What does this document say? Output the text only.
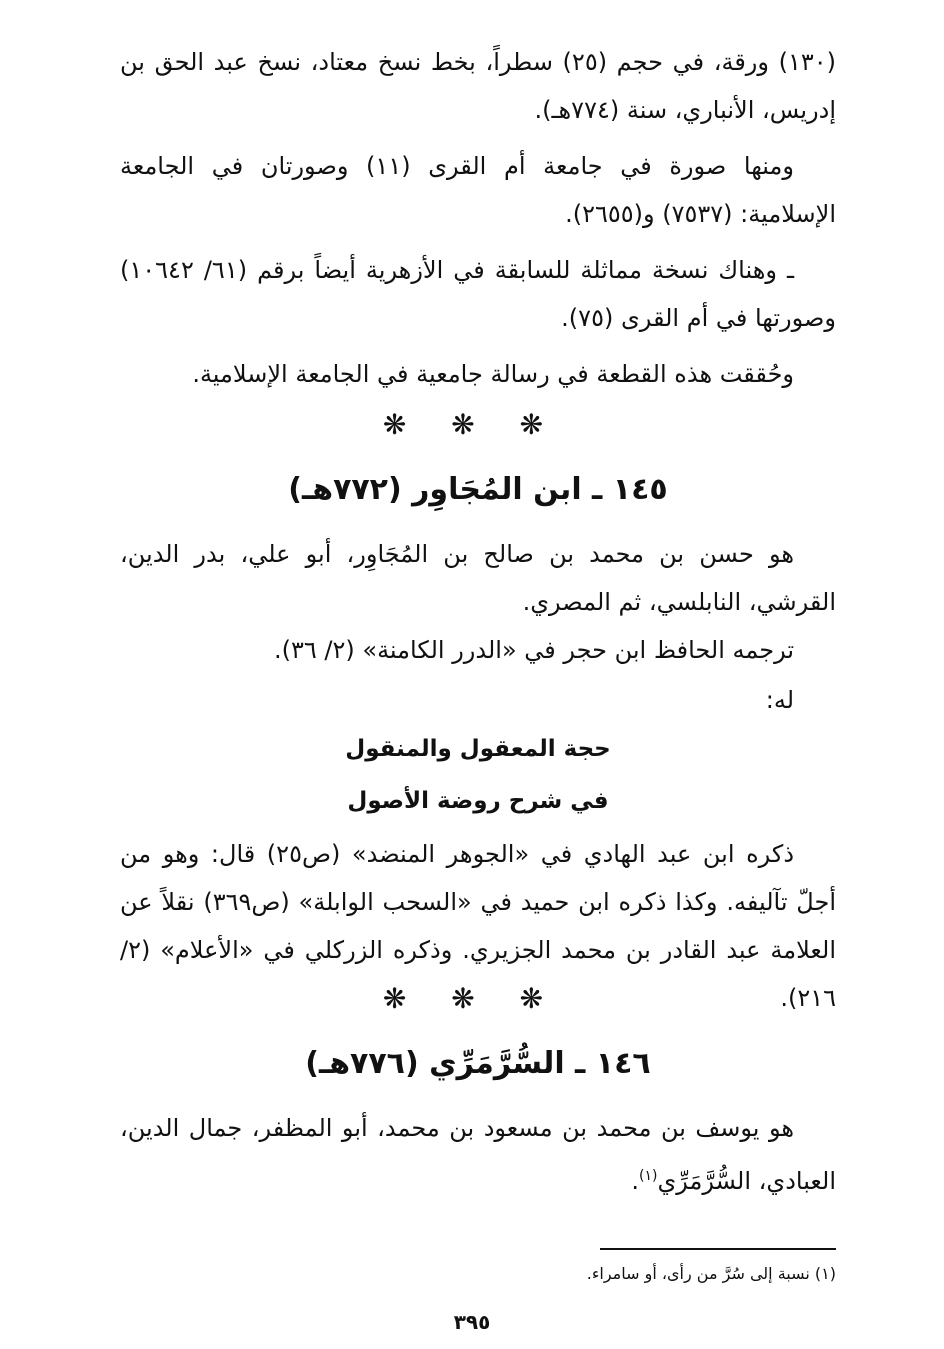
(١٣٠) ورقة، في حجم (٢٥) سطراً، بخط نسخ معتاد، نسخ عبد الحق بن إدريس، الأنباري، سنة (٧٧٤هـ).

ومنها صورة في جامعة أم القرى (١١) وصورتان في الجامعة الإسلامية: (٧٥٣٧) و(٢٦٥٥).

ـ وهناك نسخة مماثلة للسابقة في الأزهرية أيضاً برقم (٦١/ ١٠٦٤٢) وصورتها في أم القرى (٧٥).

وحُققت هذه القطعة في رسالة جامعية في الجامعة الإسلامية.

❋ ❋ ❋
١٤٥ ـ ابن المُجَاوِر (٧٧٢هـ)

هو حسن بن محمد بن صالح بن المُجَاوِر، أبو علي، بدر الدين، القرشي، النابلسي، ثم المصري.

ترجمه الحافظ ابن حجر في «الدرر الكامنة» (٢/ ٣٦).

له:

حجة المعقول والمنقول
في شرح روضة الأصول

ذكره ابن عبد الهادي في «الجوهر المنضد» (ص٢٥) قال: وهو من أجلّ تآليفه. وكذا ذكره ابن حميد في «السحب الوابلة» (ص٣٦٩) نقلاً عن العلامة عبد القادر بن محمد الجزيري. وذكره الزركلي في «الأعلام» (٢/ ٢١٦).

❋ ❋ ❋
١٤٦ ـ السُّرَّمَرِّي (٧٧٦هـ)

هو يوسف بن محمد بن مسعود بن محمد، أبو المظفر، جمال الدين، العبادي، السُّرَّمَرِّي$^{(١)}$.

(١) نسبة إلى سُرَّ من رأى، أو سامراء.
٣٩٥
